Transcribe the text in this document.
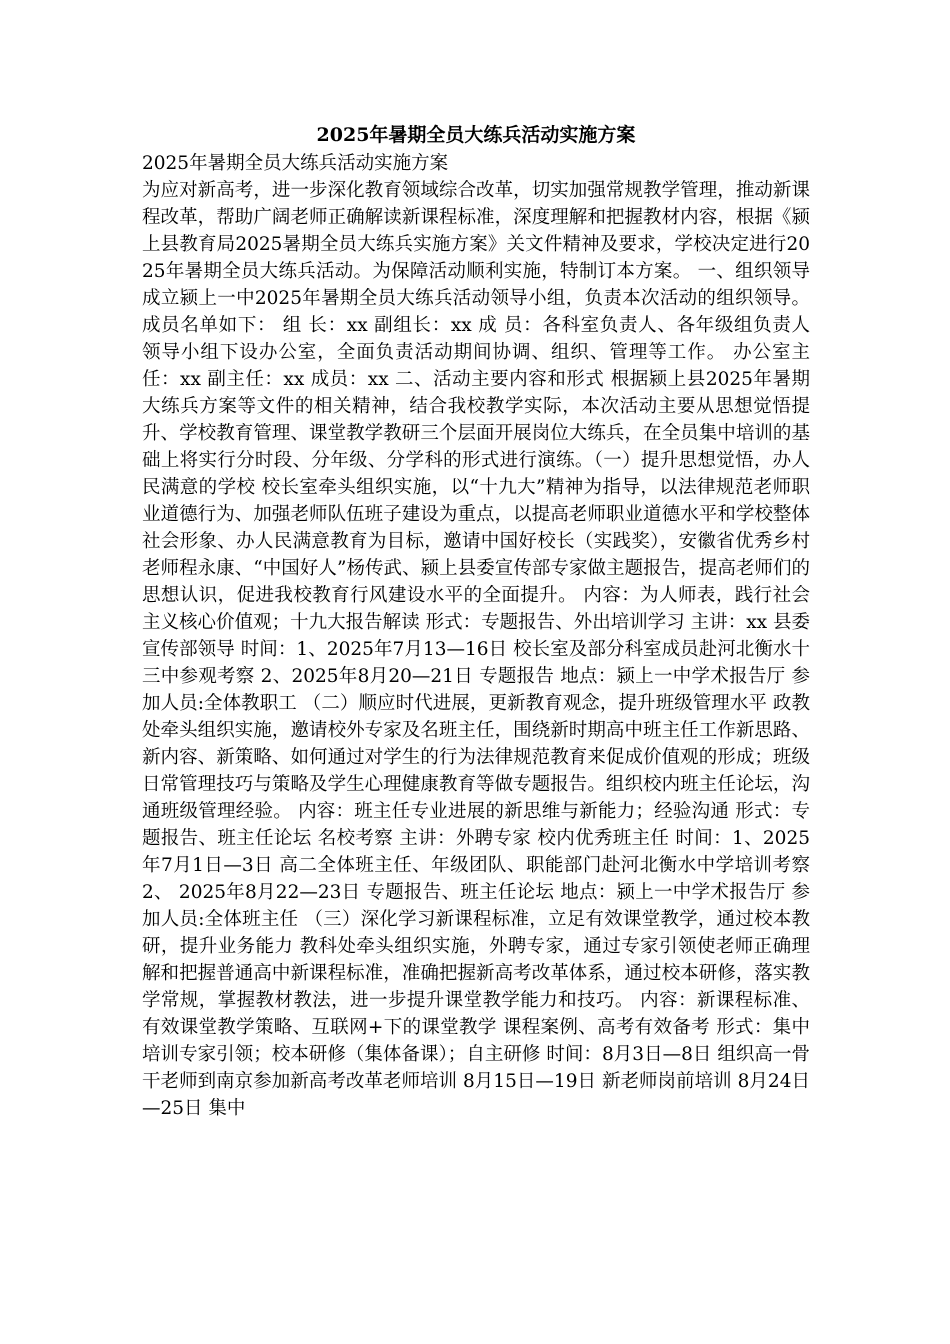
2025年暑期全员大练兵活动实施方案

2025年暑期全员大练兵活动实施方案

为应对新高考，进一步深化教育领域综合改革，切实加强常规教学管理，推动新课程改革，帮助广阔老师正确解读新课程标准，深度理解和把握教材内容，根据《颍上县教育局2025暑期全员大练兵实施方案》关文件精神及要求，学校决定进行2025年暑期全员大练兵活动。为保障活动顺利实施，特制订本方案。 一、组织领导 成立颍上一中2025年暑期全员大练兵活动领导小组，负责本次活动的组织领导。成员名单如下： 组 长：xx 副组长：xx 成 员：各科室负责人、各年级组负责人 领导小组下设办公室，全面负责活动期间协调、组织、管理等工作。 办公室主任：xx 副主任：xx 成员：xx 二、活动主要内容和形式 根据颍上县2025年暑期大练兵方案等文件的相关精神，结合我校教学实际，本次活动主要从思想觉悟提升、学校教育管理、课堂教学教研三个层面开展岗位大练兵，在全员集中培训的基础上将实行分时段、分年级、分学科的形式进行演练。（一）提升思想觉悟，办人民满意的学校 校长室牵头组织实施，以“十九大”精神为指导，以法律规范老师职业道德行为、加强老师队伍班子建设为重点，以提高老师职业道德水平和学校整体社会形象、办人民满意教育为目标，邀请中国好校长（实践奖），安徽省优秀乡村老师程永康、“中国好人”杨传武、颍上县委宣传部专家做主题报告，提高老师们的思想认识，促进我校教育行风建设水平的全面提升。 内容：为人师表，践行社会主义核心价值观；十九大报告解读 形式：专题报告、外出培训学习 主讲：xx 县委宣传部领导 时间：1、2025年7月13—16日 校长室及部分科室成员赴河北衡水十三中参观考察 2、2025年8月20—21日 专题报告 地点：颍上一中学术报告厅 参加人员:全体教职工 （二）顺应时代进展，更新教育观念，提升班级管理水平 政教处牵头组织实施，邀请校外专家及名班主任，围绕新时期高中班主任工作新思路、新内容、新策略、如何通过对学生的行为法律规范教育来促成价值观的形成；班级日常管理技巧与策略及学生心理健康教育等做专题报告。组织校内班主任论坛，沟通班级管理经验。 内容：班主任专业进展的新思维与新能力；经验沟通 形式：专题报告、班主任论坛 名校考察 主讲：外聘专家 校内优秀班主任 时间：1、2025年7月1日—3日 高二全体班主任、年级团队、职能部门赴河北衡水中学培训考察 2、 2025年8月22—23日 专题报告、班主任论坛 地点：颍上一中学术报告厅 参加人员:全体班主任 （三）深化学习新课程标准，立足有效课堂教学，通过校本教研，提升业务能力 教科处牵头组织实施，外聘专家，通过专家引领使老师正确理解和把握普通高中新课程标准，准确把握新高考改革体系，通过校本研修，落实教学常规，掌握教材教法，进一步提升课堂教学能力和技巧。 内容：新课程标准、有效课堂教学策略、互联网+下的课堂教学 课程案例、高考有效备考 形式：集中培训专家引领；校本研修（集体备课）；自主研修 时间：8月3日—8日 组织高一骨干老师到南京参加新高考改革老师培训 8月15日—19日 新老师岗前培训 8月24日—25日 集中
